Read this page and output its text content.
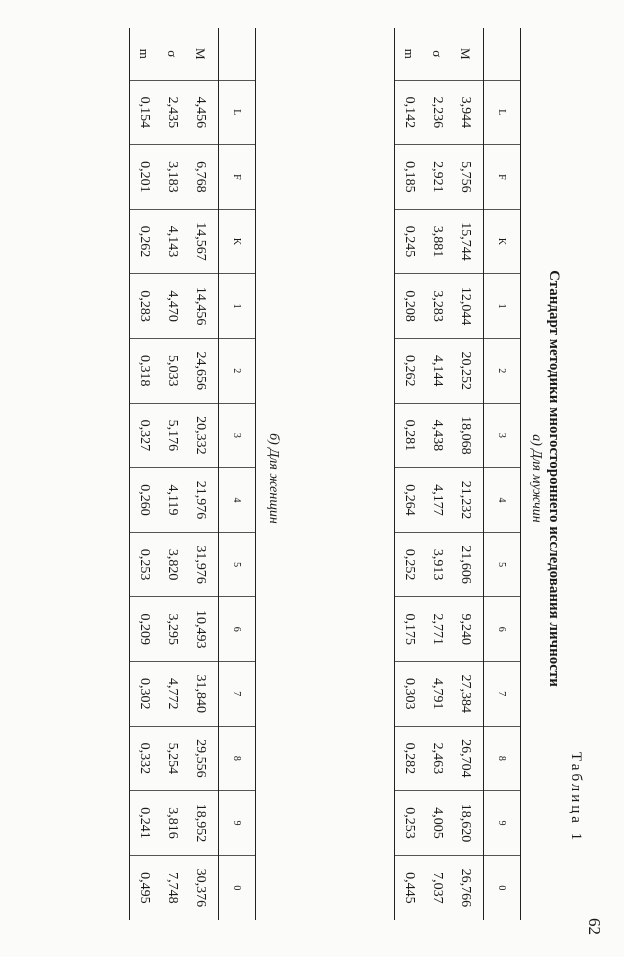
62
Таблица 1
Стандарт методики многостороннего исследования личности
а) Для мужчин
	L	F	K	1	2	3	4	5	6	7	8	9	0
M	3,944	5,756	15,744	12,044	20,252	18,068	21,232	21,606	9,240	27,384	26,704	18,620	26,766
σ	2,236	2,921	3,881	3,283	4,144	4,438	4,177	3,913	2,771	4,791	2,463	4,005	7,037
m	0,142	0,185	0,245	0,208	0,262	0,281	0,264	0,252	0,175	0,303	0,282	0,253	0,445
б) Для женщин
	L	F	K	1	2	3	4	5	6	7	8	9	0
M	4,456	6,768	14,567	14,456	24,656	20,332	21,976	31,976	10,493	31,840	29,556	18,952	30,376
σ	2,435	3,183	4,143	4,470	5,033	5,176	4,119	3,820	3,295	4,772	5,254	3,816	7,748
m	0,154	0,201	0,262	0,283	0,318	0,327	0,260	0,253	0,209	0,302	0,332	0,241	0,495
